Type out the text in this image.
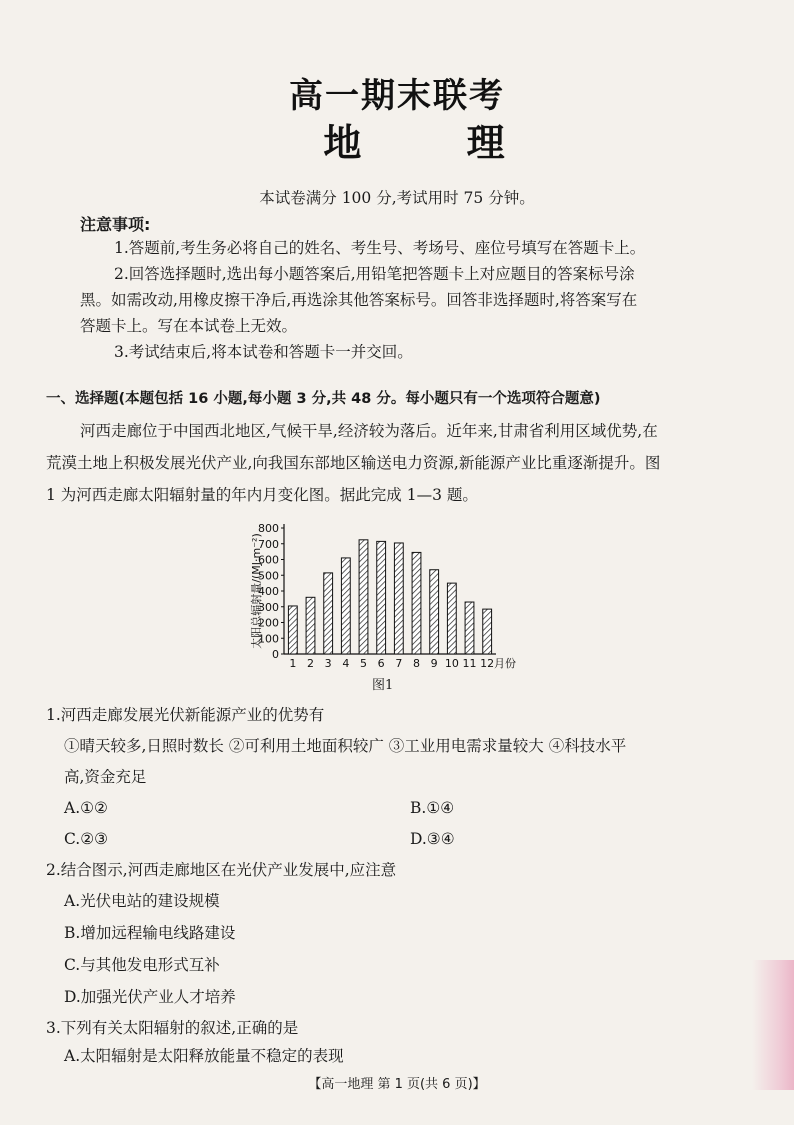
高一期末联考
地 理
本试卷满分 100 分,考试用时 75 分钟。
注意事项:
1.答题前,考生务必将自己的姓名、考生号、考场号、座位号填写在答题卡上。
2.回答选择题时,选出每小题答案后,用铅笔把答题卡上对应题目的答案标号涂
黑。如需改动,用橡皮擦干净后,再选涂其他答案标号。回答非选择题时,将答案写在
答题卡上。写在本试卷上无效。
3.考试结束后,将本试卷和答题卡一并交回。
一、选择题(本题包括 16 小题,每小题 3 分,共 48 分。每小题只有一个选项符合题意)
河西走廊位于中国西北地区,气候干旱,经济较为落后。近年来,甘肃省利用区域优势,在
荒漠土地上积极发展光伏产业,向我国东部地区输送电力资源,新能源产业比重逐渐提升。图
1 为河西走廊太阳辐射量的年内月变化图。据此完成 1—3 题。
0
100
200
300
400
500
600
700
800
太阳总辐射量/(MJ·m⁻²)
1 2 3 4 5 6 7 8 9 10 11 12 月份
图1
1.河西走廊发展光伏新能源产业的优势有
①晴天较多,日照时数长 ②可利用土地面积较广 ③工业用电需求量较大 ④科技水平
高,资金充足
A.①②	B.①④
C.②③	D.③④
2.结合图示,河西走廊地区在光伏产业发展中,应注意
A.光伏电站的建设规模
B.增加远程输电线路建设
C.与其他发电形式互补
D.加强光伏产业人才培养
3.下列有关太阳辐射的叙述,正确的是
A.太阳辐射是太阳释放能量不稳定的表现
【高一地理 第 1 页(共 6 页)】
